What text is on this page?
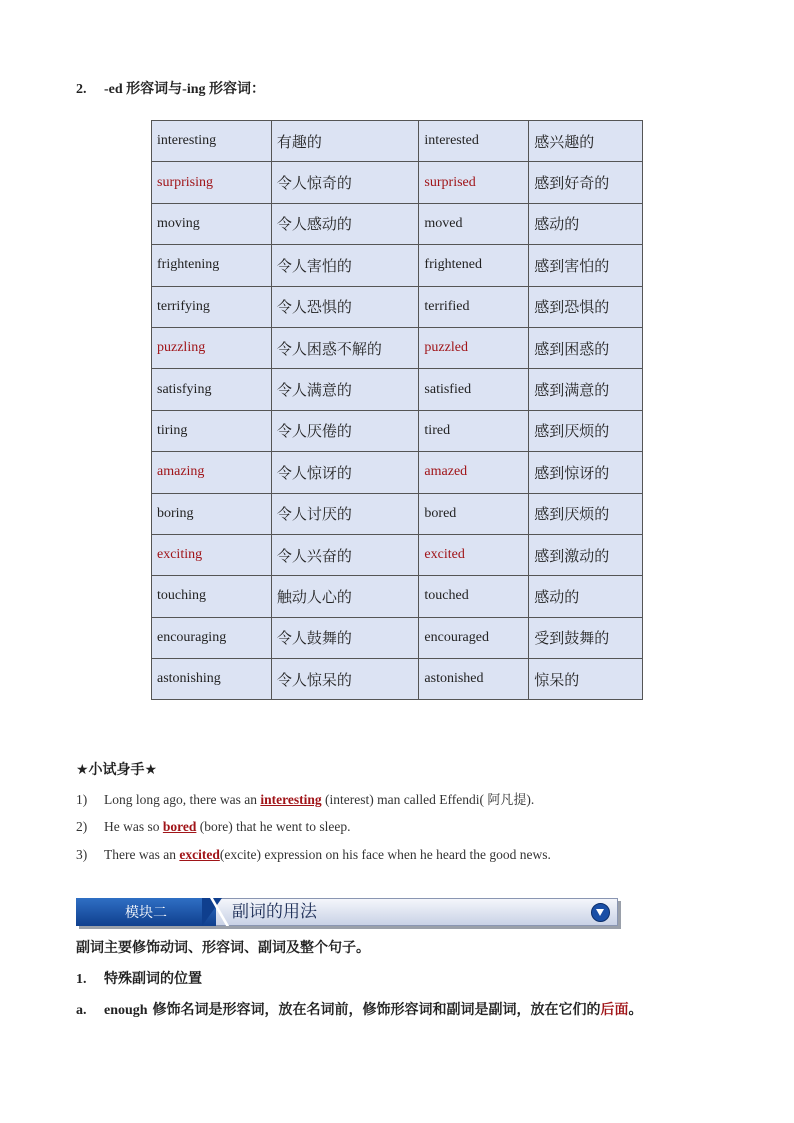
2. -ed 形容词与-ing 形容词：
interesting	有趣的	interested	感兴趣的
surprising	令人惊奇的	surprised	感到好奇的
moving	令人感动的	moved	感动的
frightening	令人害怕的	frightened	感到害怕的
terrifying	令人恐惧的	terrified	感到恐惧的
puzzling	令人困惑不解的	puzzled	感到困惑的
satisfying	令人满意的	satisfied	感到满意的
tiring	令人厌倦的	tired	感到厌烦的
amazing	令人惊讶的	amazed	感到惊讶的
boring	令人讨厌的	bored	感到厌烦的
exciting	令人兴奋的	excited	感到激动的
touching	触动人心的	touched	感动的
encouraging	令人鼓舞的	encouraged	受到鼓舞的
astonishing	令人惊呆的	astonished	惊呆的
★小试身手★
1) Long long ago, there was an interesting (interest) man called Effendi( 阿凡提).
2) He was so bored (bore) that he went to sleep.
3) There was an excited(excite) expression on his face when he heard the good news.
模块二	副词的用法
副词主要修饰动词、形容词、副词及整个句子。
1. 特殊副词的位置
a. enough 修饰名词是形容词，放在名词前，修饰形容词和副词是副词，放在它们的后面。
